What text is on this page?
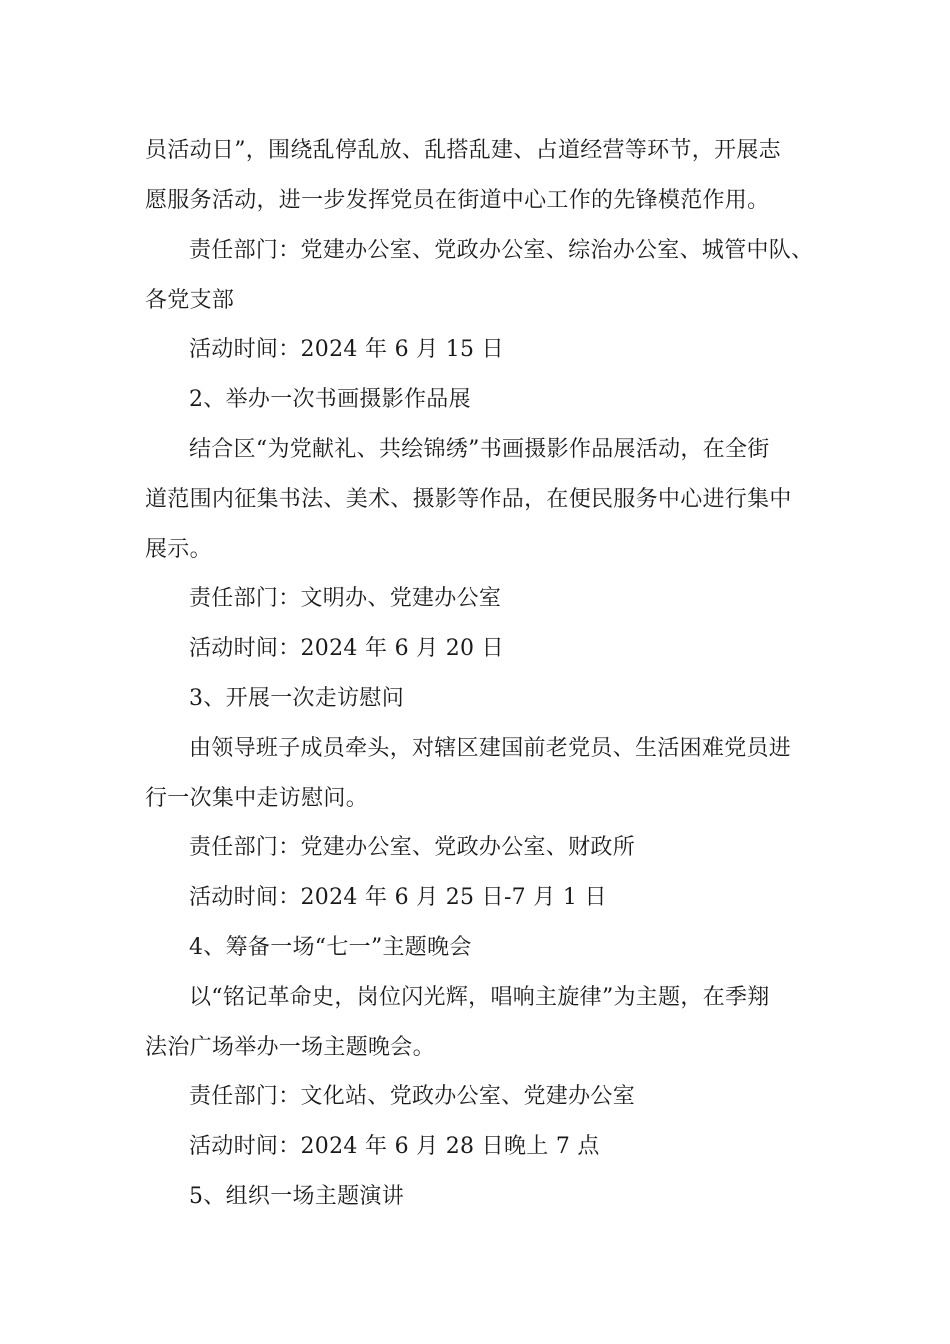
员活动日”，围绕乱停乱放、乱搭乱建、占道经营等环节，开展志
愿服务活动，进一步发挥党员在街道中心工作的先锋模范作用。
责任部门：党建办公室、党政办公室、综治办公室、城管中队、
各党支部
活动时间：2024 年 6 月 15 日
2、举办一次书画摄影作品展
结合区“为党献礼、共绘锦绣”书画摄影作品展活动，在全街
道范围内征集书法、美术、摄影等作品，在便民服务中心进行集中
展示。
责任部门：文明办、党建办公室
活动时间：2024 年 6 月 20 日
3、开展一次走访慰问
由领导班子成员牵头，对辖区建国前老党员、生活困难党员进
行一次集中走访慰问。
责任部门：党建办公室、党政办公室、财政所
活动时间：2024 年 6 月 25 日-7 月 1 日
4、筹备一场“七一”主题晚会
以“铭记革命史，岗位闪光辉，唱响主旋律”为主题，在季翔
法治广场举办一场主题晚会。
责任部门：文化站、党政办公室、党建办公室
活动时间：2024 年 6 月 28 日晚上 7 点
5、组织一场主题演讲
